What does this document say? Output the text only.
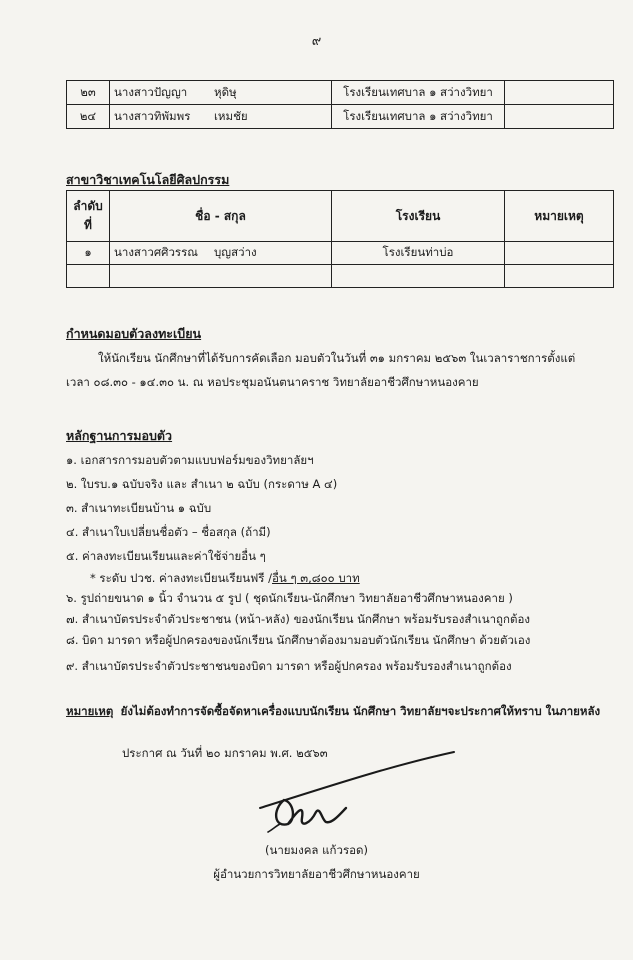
๙
๒๓	นางสาวปัญญา หุดิษุ	โรงเรียนเทศบาล ๑ สว่างวิทยา	
๒๔	นางสาวทิพัมพร เหมชัย	โรงเรียนเทศบาล ๑ สว่างวิทยา	
สาขาวิชาเทคโนโลยีศิลปกรรม
ลำดับ
ที่	ชื่อ - สกุล	โรงเรียน	หมายเหตุ
๑	นางสาวศศิวรรณ บุญสว่าง	โรงเรียนท่าบ่อ	

กำหนดมอบตัวลงทะเบียน
ให้นักเรียน นักศึกษาที่ได้รับการคัดเลือก มอบตัวในวันที่ ๓๑ มกราคม ๒๕๖๓ ในเวลาราชการตั้งแต่
เวลา ๐๘.๓๐ - ๑๔.๓๐ น. ณ หอประชุมอนันตนาคราช วิทยาลัยอาชีวศึกษาหนองคาย
หลักฐานการมอบตัว
๑. เอกสารการมอบตัวตามแบบฟอร์มของวิทยาลัยฯ
๒. ใบรบ.๑ ฉบับจริง และ สำเนา ๒ ฉบับ (กระดาษ A ๔)
๓. สำเนาทะเบียนบ้าน ๑ ฉบับ
๔. สำเนาใบเปลี่ยนชื่อตัว – ชื่อสกุล (ถ้ามี)
๕. ค่าลงทะเบียนเรียนและค่าใช้จ่ายอื่น ๆ
* ระดับ ปวช. ค่าลงทะเบียนเรียนฟรี /อื่น ๆ ๓,๘๐๐ บาท
๖. รูปถ่ายขนาด ๑ นิ้ว จำนวน ๕ รูป ( ชุดนักเรียน-นักศึกษา วิทยาลัยอาชีวศึกษาหนองคาย )
๗. สำเนาบัตรประจำตัวประชาชน (หน้า-หลัง) ของนักเรียน นักศึกษา พร้อมรับรองสำเนาถูกต้อง
๘. บิดา มารดา หรือผู้ปกครองของนักเรียน นักศึกษาต้องมามอบตัวนักเรียน นักศึกษา ด้วยตัวเอง
๙. สำเนาบัตรประจำตัวประชาชนของบิดา มารดา หรือผู้ปกครอง พร้อมรับรองสำเนาถูกต้อง
หมายเหตุ ยังไม่ต้องทำการจัดซื้อจัดหาเครื่องแบบนักเรียน นักศึกษา วิทยาลัยฯจะประกาศให้ทราบ ในภายหลัง
ประกาศ ณ วันที่ ๒๐ มกราคม พ.ศ. ๒๕๖๓
(นายมงคล แก้วรอด)
ผู้อำนวยการวิทยาลัยอาชีวศึกษาหนองคาย
